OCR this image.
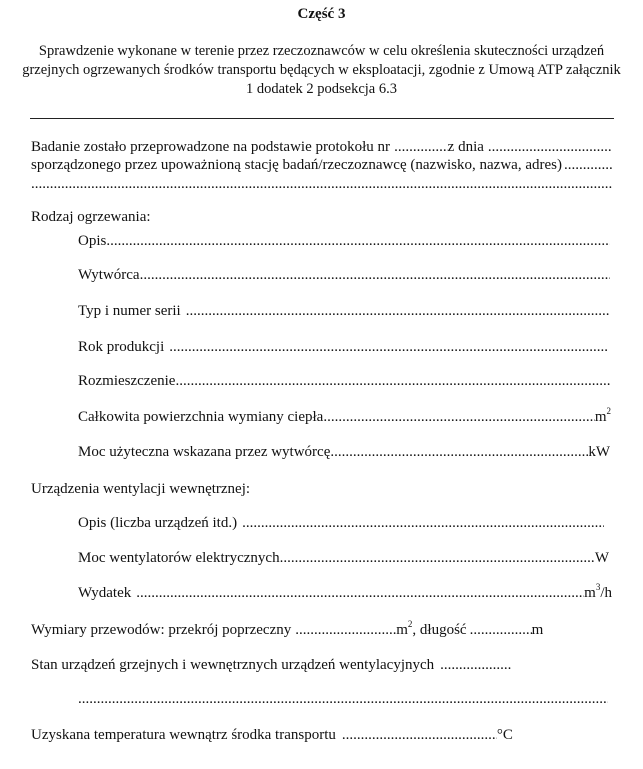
Część 3
Sprawdzenie wykonane w terenie przez rzeczoznawców w celu określenia skuteczności urządzeń grzejnych ogrzewanych środków transportu będących w eksploatacji, zgodnie z Umową ATP załącznik 1 dodatek 2 podsekcja 6.3
Badanie zostało przeprowadzone na podstawie protokołu nr .....	z dnia
.....
sporządzonego przez upoważnioną stację badań/rzeczoznawcę (nazwisko, nazwa, adres)
.....
.....
Rodzaj ogrzewania:
Opis
.....
Wytwórca
.....
Typ i numer serii
.....
Rok produkcji
.....
Rozmieszczenie
.....
Całkowita powierzchnia wymiany ciepła .....	$m^2$
Moc użyteczna wskazana przez wytwórcę .....	kW
Urządzenia wentylacji wewnętrznej:
Opis (liczba urządzeń itd.)
.....
Moc wentylatorów elektrycznych .....	W
Wydatek .....	$m^3/h$
Wymiary przewodów: przekrój poprzeczny .....	$m^2$ , długość .....	m
Stan urządzeń grzejnych i wewnętrznych urządzeń wentylacyjnych
.....
.....
Uzyskana temperatura wewnątrz środka transportu .....	°C
